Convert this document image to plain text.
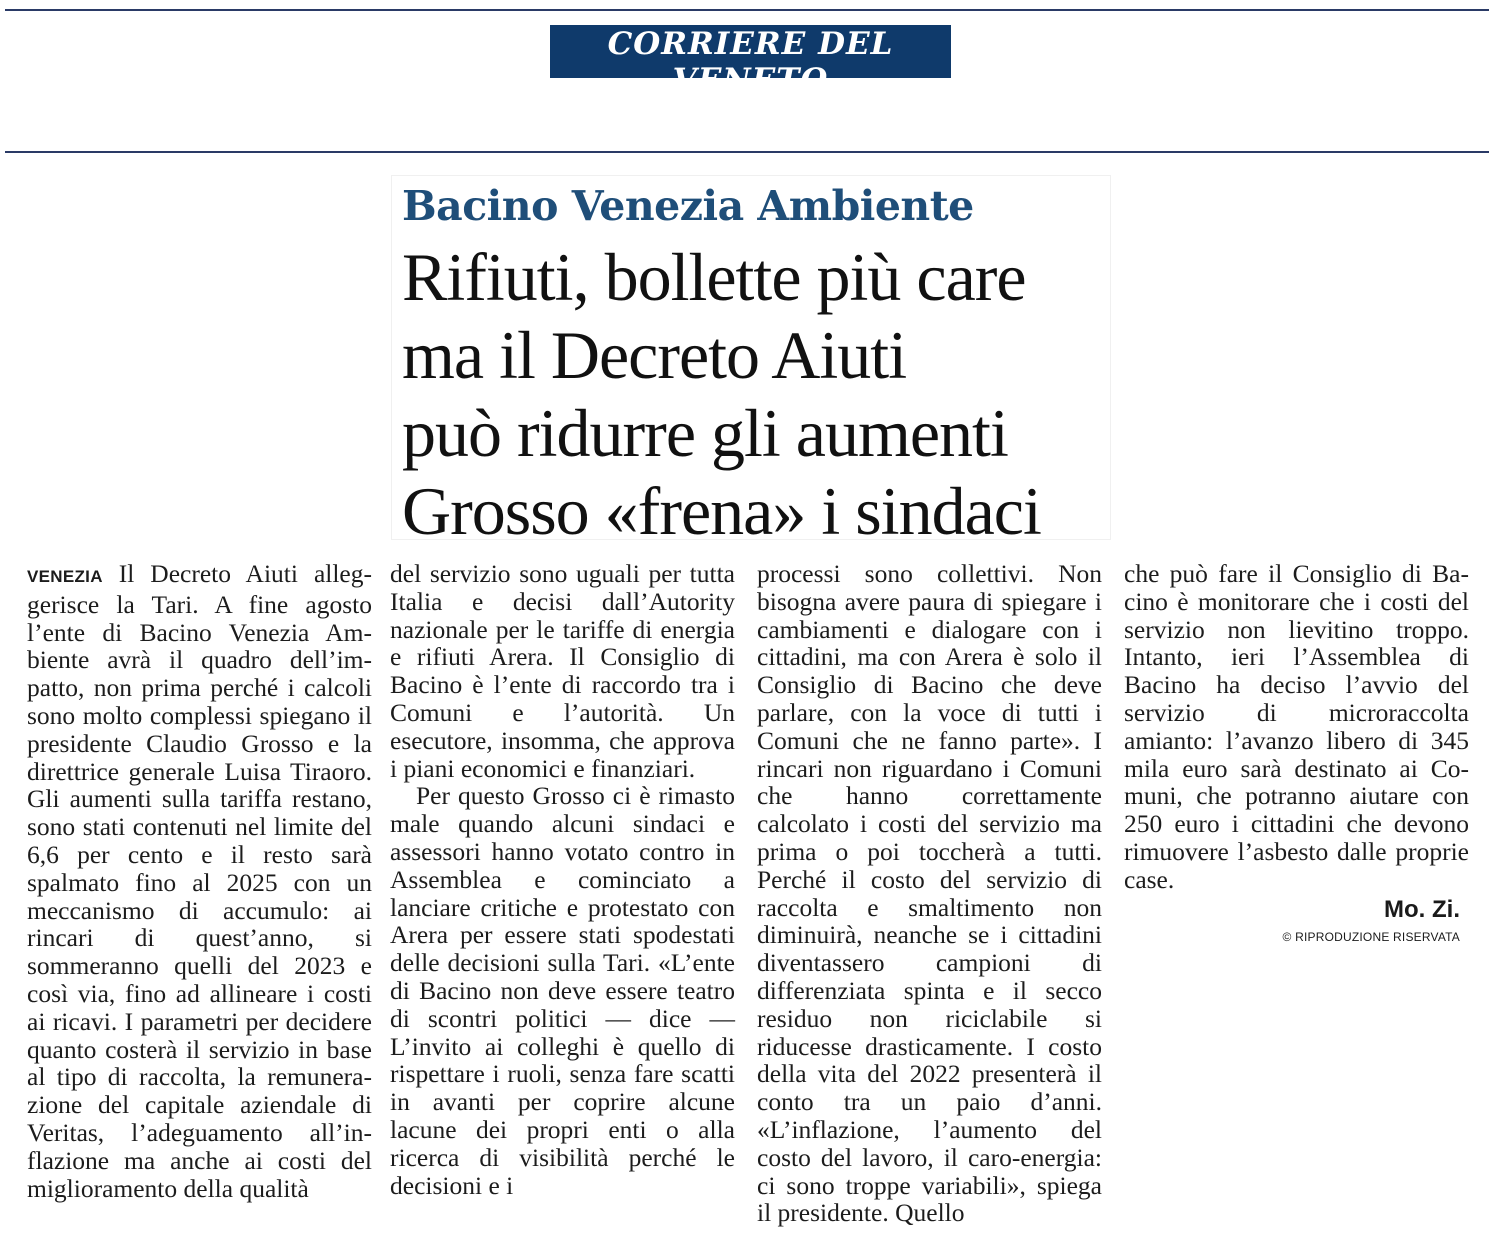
CORRIERE DEL VENETO
VENEZIA E MESTRE
Bacino Venezia Ambiente
Rifiuti, bollette più care
ma il Decreto Aiuti
può ridurre gli aumenti
Grosso «frena» i sindaci

VENEZIA Il Decreto Aiuti alleggerisce la Tari. A fine agosto l’ente di Bacino Venezia Ambiente avrà il quadro dell’impatto, non prima perché i calcoli sono molto complessi spiegano il presidente Claudio Grosso e la direttrice generale Luisa Tiraoro. Gli aumenti sulla tariffa restano, sono stati contenuti nel limite del 6,6 per cento e il resto sarà spalmato fino al 2025 con un meccanismo di accumulo: ai rincari di quest’anno, si sommeranno quelli del 2023 e così via, fino ad allineare i costi ai ricavi. I parametri per decidere quanto costerà il servizio in base al tipo di raccolta, la remunerazione del capitale aziendale di Veritas, l’adeguamento all’inflazione ma anche ai costi del miglioramento della qualità

del servizio sono uguali per tutta Italia e decisi dall’Autority nazionale per le tariffe di energia e rifiuti Arera. Il Consiglio di Bacino è l’ente di raccordo tra i Comuni e l’autorità. Un esecutore, insomma, che approva i piani economici e finanziari.

Per questo Grosso ci è rimasto male quando alcuni sindaci e assessori hanno votato contro in Assemblea e cominciato a lanciare critiche e protestato con Arera per essere stati spodestati delle decisioni sulla Tari. «L’ente di Bacino non deve essere teatro di scontri politici — dice — L’invito ai colleghi è quello di rispettare i ruoli, senza fare scatti in avanti per coprire alcune lacune dei propri enti o alla ricerca di visibilità perché le decisioni e i

processi sono collettivi. Non bisogna avere paura di spiegare i cambiamenti e dialogare con i cittadini, ma con Arera è solo il Consiglio di Bacino che deve parlare, con la voce di tutti i Comuni che ne fanno parte». I rincari non riguardano i Comuni che hanno correttamente calcolato i costi del servizio ma prima o poi toccherà a tutti. Perché il costo del servizio di raccolta e smaltimento non diminuirà, neanche se i cittadini diventassero campioni di differenziata spinta e il secco residuo non riciclabile si riducesse drasticamente. I costo della vita del 2022 presenterà il conto tra un paio d’anni. «L’inflazione, l’aumento del costo del lavoro, il caro-energia: ci sono troppe variabili», spiega il presidente. Quello

che può fare il Consiglio di Bacino è monitorare che i costi del servizio non lievitino troppo. Intanto, ieri l’Assemblea di Bacino ha deciso l’avvio del servizio di microraccolta amianto: l’avanzo libero di 345 mila euro sarà destinato ai Comuni, che potranno aiutare con 250 euro i cittadini che devono rimuovere l’asbesto dalle proprie case.

Mo. Zi.
© RIPRODUZIONE RISERVATA
